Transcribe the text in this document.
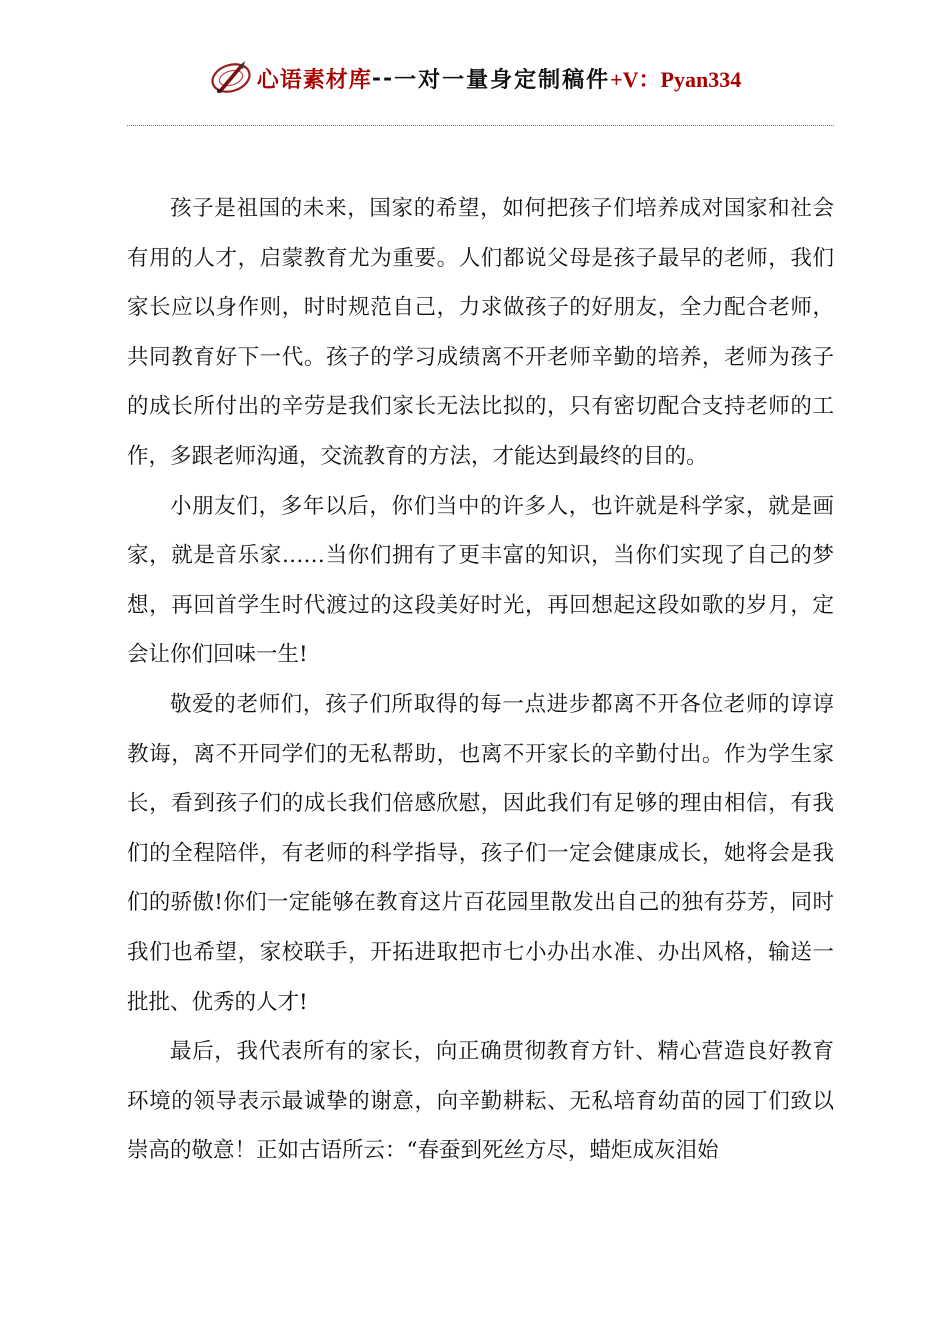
心语素材库 -- 一对一量身定制稿件 +V：Pyan334

孩子是祖国的未来，国家的希望，如何把孩子们培养成对国家和社会有用的人才，启蒙教育尤为重要。人们都说父母是孩子最早的老师，我们家长应以身作则，时时规范自己，力求做孩子的好朋友，全力配合老师，共同教育好下一代。孩子的学习成绩离不开老师辛勤的培养，老师为孩子的成长所付出的辛劳是我们家长无法比拟的，只有密切配合支持老师的工作，多跟老师沟通，交流教育的方法，才能达到最终的目的。

小朋友们，多年以后，你们当中的许多人，也许就是科学家，就是画家，就是音乐家……当你们拥有了更丰富的知识，当你们实现了自己的梦想，再回首学生时代渡过的这段美好时光，再回想起这段如歌的岁月，定会让你们回味一生!

敬爱的老师们，孩子们所取得的每一点进步都离不开各位老师的谆谆教诲，离不开同学们的无私帮助，也离不开家长的辛勤付出。作为学生家长，看到孩子们的成长我们倍感欣慰，因此我们有足够的理由相信，有我们的全程陪伴，有老师的科学指导，孩子们一定会健康成长，她将会是我们的骄傲!你们一定能够在教育这片百花园里散发出自己的独有芬芳，同时我们也希望，家校联手，开拓进取把市七小办出水准、办出风格，输送一批批、优秀的人才!

最后，我代表所有的家长，向正确贯彻教育方针、精心营造良好教育环境的领导表示最诚挚的谢意，向辛勤耕耘、无私培育幼苗的园丁们致以崇高的敬意！正如古语所云：“春蚕到死丝方尽，蜡炬成灰泪始
